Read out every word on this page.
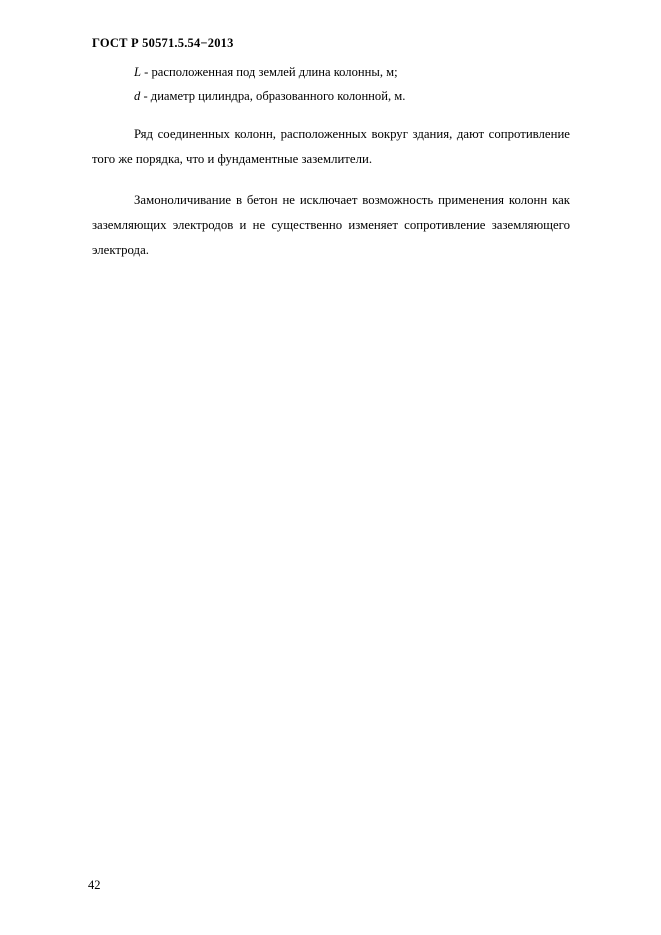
ГОСТ Р 50571.5.54−2013
L - расположенная под землей длина колонны, м;
d - диаметр цилиндра, образованного колонной, м.

Ряд соединенных колонн, расположенных вокруг здания, дают сопротивление того же порядка, что и фундаментные заземлители.

Замоноличивание в бетон не исключает возможность применения колонн как заземляющих электродов и не существенно изменяет сопротивление заземляющего электрода.

42
